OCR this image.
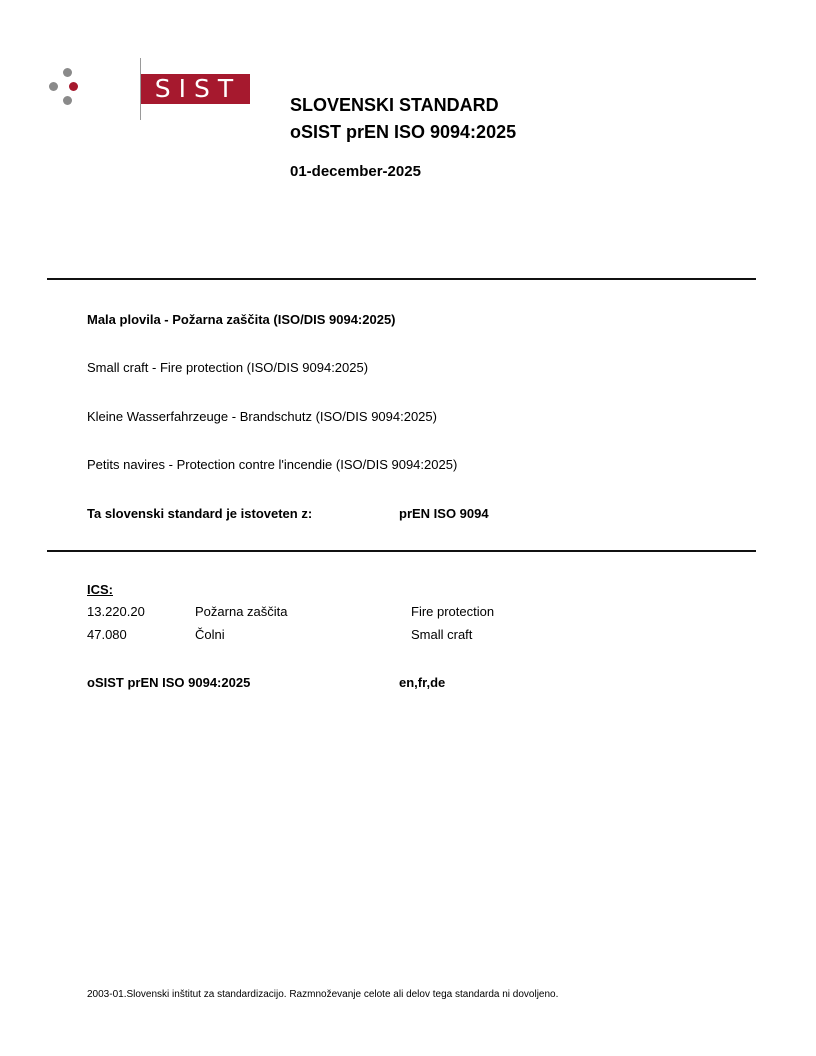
SIST
SLOVENSKI STANDARD
oSIST prEN ISO 9094:2025
01-december-2025
Mala plovila - Požarna zaščita (ISO/DIS 9094:2025)
Small craft - Fire protection (ISO/DIS 9094:2025)
Kleine Wasserfahrzeuge - Brandschutz (ISO/DIS 9094:2025)
Petits navires - Protection contre l'incendie (ISO/DIS 9094:2025)
Ta slovenski standard je istoveten z:	prEN ISO 9094
ICS:
13.220.20	Požarna zaščita	Fire protection
47.080	Čolni	Small craft
oSIST prEN ISO 9094:2025	en,fr,de
2003-01.Slovenski inštitut za standardizacijo. Razmnoževanje celote ali delov tega standarda ni dovoljeno.
